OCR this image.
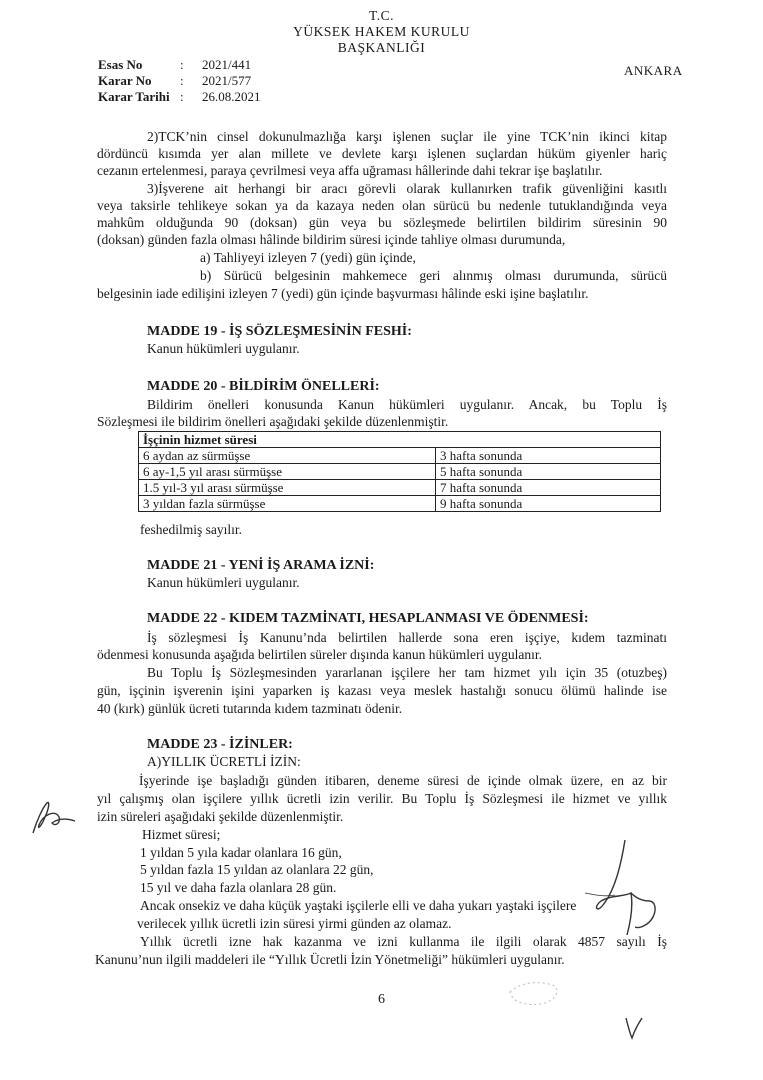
T.C.
YÜKSEK HAKEM KURULU
BAŞKANLIĞI
Esas No	: 2021/441
Karar No : 2021/577
Karar Tarihi : 26.08.2021
ANKARA
2)TCK’nin cinsel dokunulmazlığa karşı işlenen suçlar ile yine TCK’nin ikinci kitap
dördüncü kısımda yer alan millete ve devlete karşı işlenen suçlardan hüküm giyenler hariç
cezanın ertelenmesi, paraya çevrilmesi veya affa uğraması hâllerinde dahi tekrar işe başlatılır.
3)İşverene ait herhangi bir aracı görevli olarak kullanırken trafik güvenliğini kasıtlı
veya taksirle tehlikeye sokan ya da kazaya neden olan sürücü bu nedenle tutuklandığında veya
mahkûm olduğunda 90 (doksan) gün veya bu sözleşmede belirtilen bildirim süresinin 90
(doksan) günden fazla olması hâlinde bildirim süresi içinde tahliye olması durumunda,
a) Tahliyeyi izleyen 7 (yedi) gün içinde,
b) Sürücü belgesinin mahkemece geri alınmış olması durumunda, sürücü
belgesinin iade edilişini izleyen 7 (yedi) gün içinde başvurması hâlinde eski işine başlatılır.
MADDE 19 - İŞ SÖZLEŞMESİNİN FESHİ:
Kanun hükümleri uygulanır.
MADDE 20 - BİLDİRİM ÖNELLERİ:
Bildirim önelleri konusunda Kanun hükümleri uygulanır. Ancak, bu Toplu İş
Sözleşmesi ile bildirim önelleri aşağıdaki şekilde düzenlenmiştir.
İşçinin hizmet süresi	
6 aydan az sürmüşse	3 hafta sonunda
6 ay-1,5 yıl arası sürmüşse	5 hafta sonunda
1.5 yıl-3 yıl arası sürmüşse	7 hafta sonunda
3 yıldan fazla sürmüşse	9 hafta sonunda
feshedilmiş sayılır.
MADDE 21 - YENİ İŞ ARAMA İZNİ:
Kanun hükümleri uygulanır.
MADDE 22 - KIDEM TAZMİNATI, HESAPLANMASI VE ÖDENMESİ:
İş sözleşmesi İş Kanunu’nda belirtilen hallerde sona eren işçiye, kıdem tazminatı
ödenmesi konusunda aşağıda belirtilen süreler dışında kanun hükümleri uygulanır.
Bu Toplu İş Sözleşmesinden yararlanan işçilere her tam hizmet yılı için 35 (otuzbeş)
gün, işçinin işverenin işini yaparken iş kazası veya meslek hastalığı sonucu ölümü halinde ise
40 (kırk) günlük ücreti tutarında kıdem tazminatı ödenir.
MADDE 23 - İZİNLER:
A)YILLIK ÜCRETLİ İZİN:
İşyerinde işe başladığı günden itibaren, deneme süresi de içinde olmak üzere, en az bir
yıl çalışmış olan işçilere yıllık ücretli izin verilir. Bu Toplu İş Sözleşmesi ile hizmet ve yıllık
izin süreleri aşağıdaki şekilde düzenlenmiştir.
Hizmet süresi;
1 yıldan 5 yıla kadar olanlara 16 gün,
5 yıldan fazla 15 yıldan az olanlara 22 gün,
15 yıl ve daha fazla olanlara 28 gün.
Ancak onsekiz ve daha küçük yaştaki işçilerle elli ve daha yukarı yaştaki işçilere
verilecek yıllık ücretli izin süresi yirmi günden az olamaz.
Yıllık ücretli izne hak kazanma ve izni kullanma ile ilgili olarak 4857 sayılı İş
Kanunu’nun ilgili maddeleri ile “Yıllık Ücretli İzin Yönetmeliği” hükümleri uygulanır.
6
